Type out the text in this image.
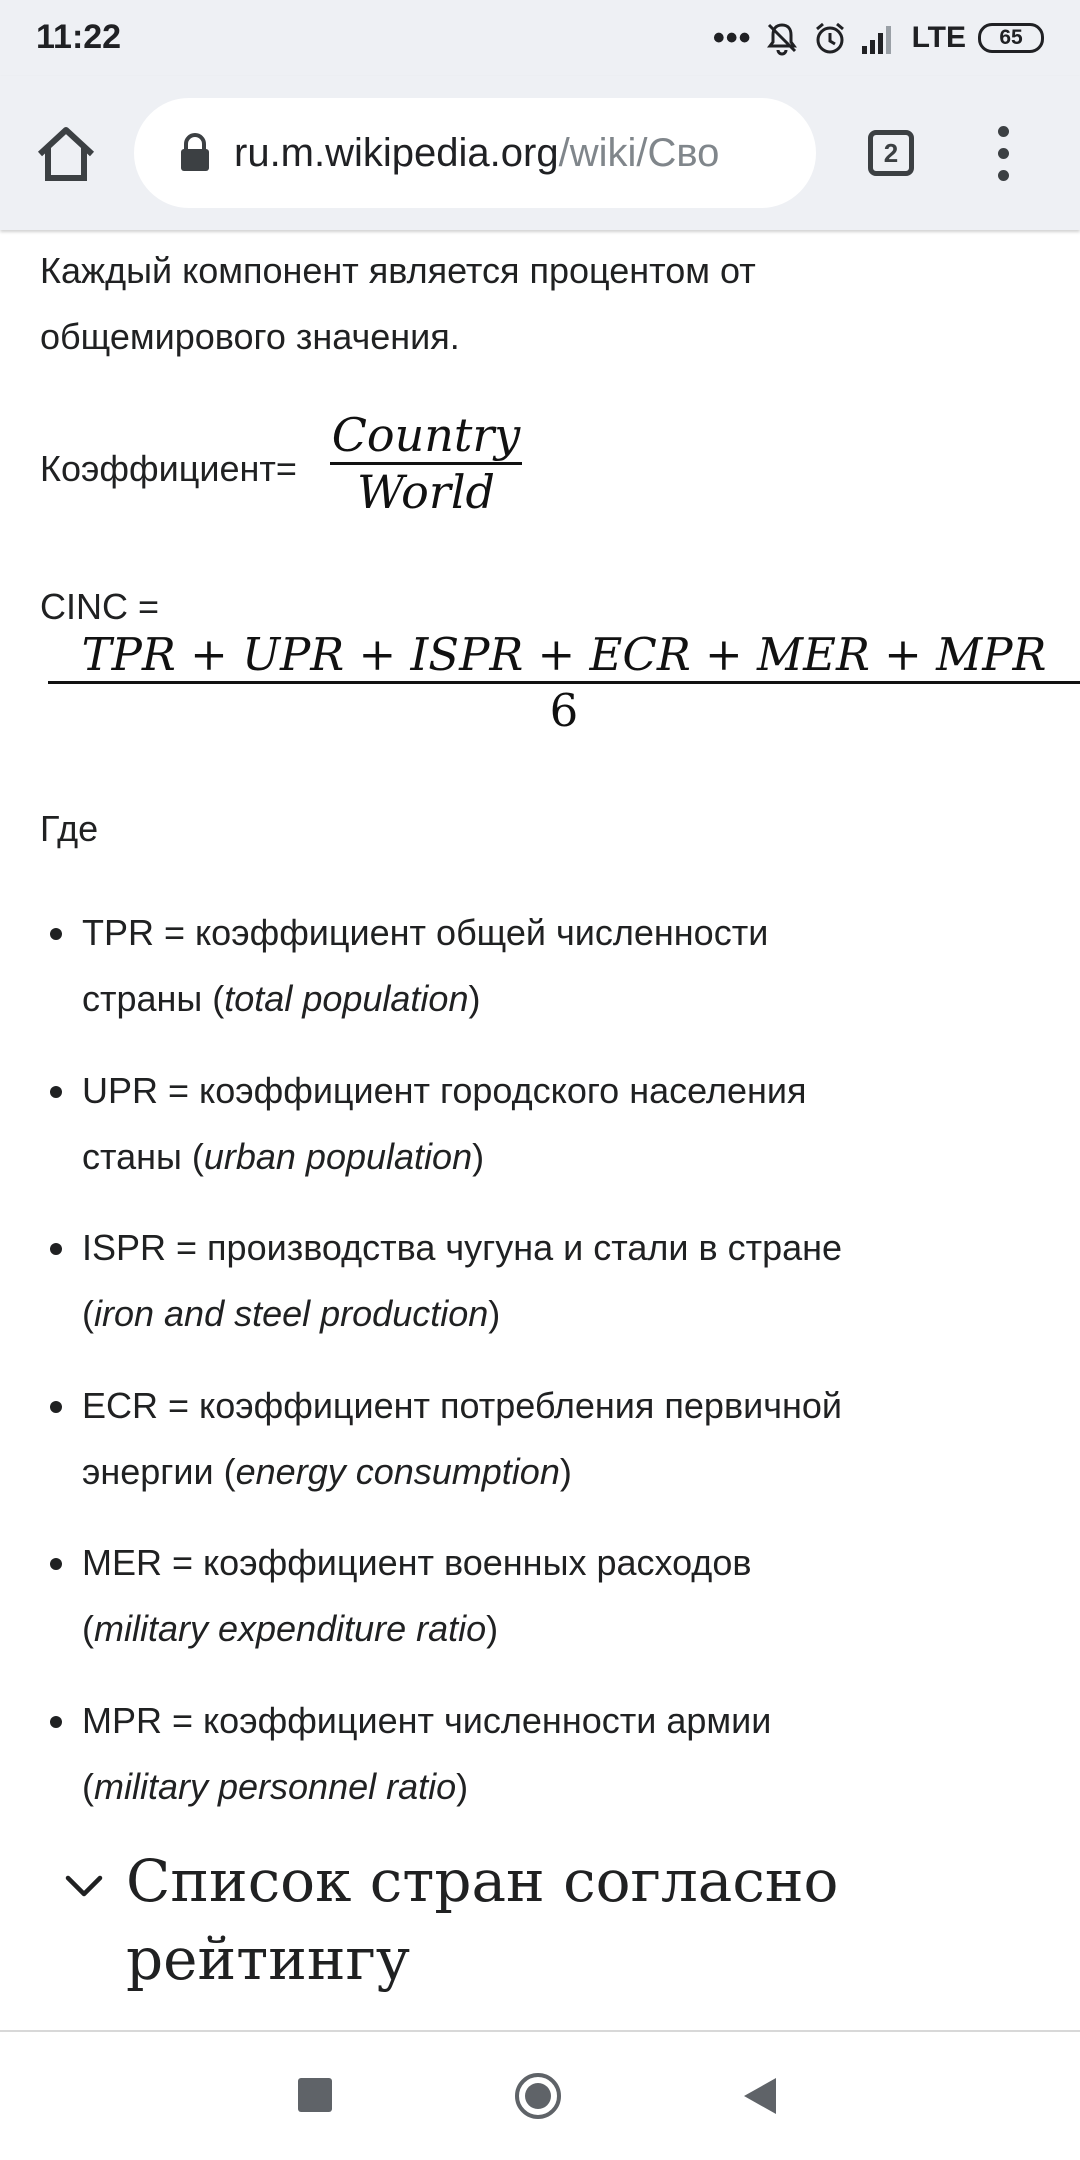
11:22	•••	LTE	65
ru.m.wikipedia.org/wiki/Сво	2
Каждый компонент является процентом от
общемирового значения.
Коэффициент=
Country
World
CINC =
TPR + UPR + ISPR + ECR + MER + MPR
6
Где
TPR = коэффициент общей численности
страны (total population)
UPR = коэффициент городского населения
станы (urban population)
ISPR = производства чугуна и стали в стране
(iron and steel production)
ECR = коэффициент потребления первичной
энергии (energy consumption)
MER = коэффициент военных расходов
(military expenditure ratio)
MPR = коэффициент численности армии
(military personnel ratio)
Список стран согласно
рейтингу
